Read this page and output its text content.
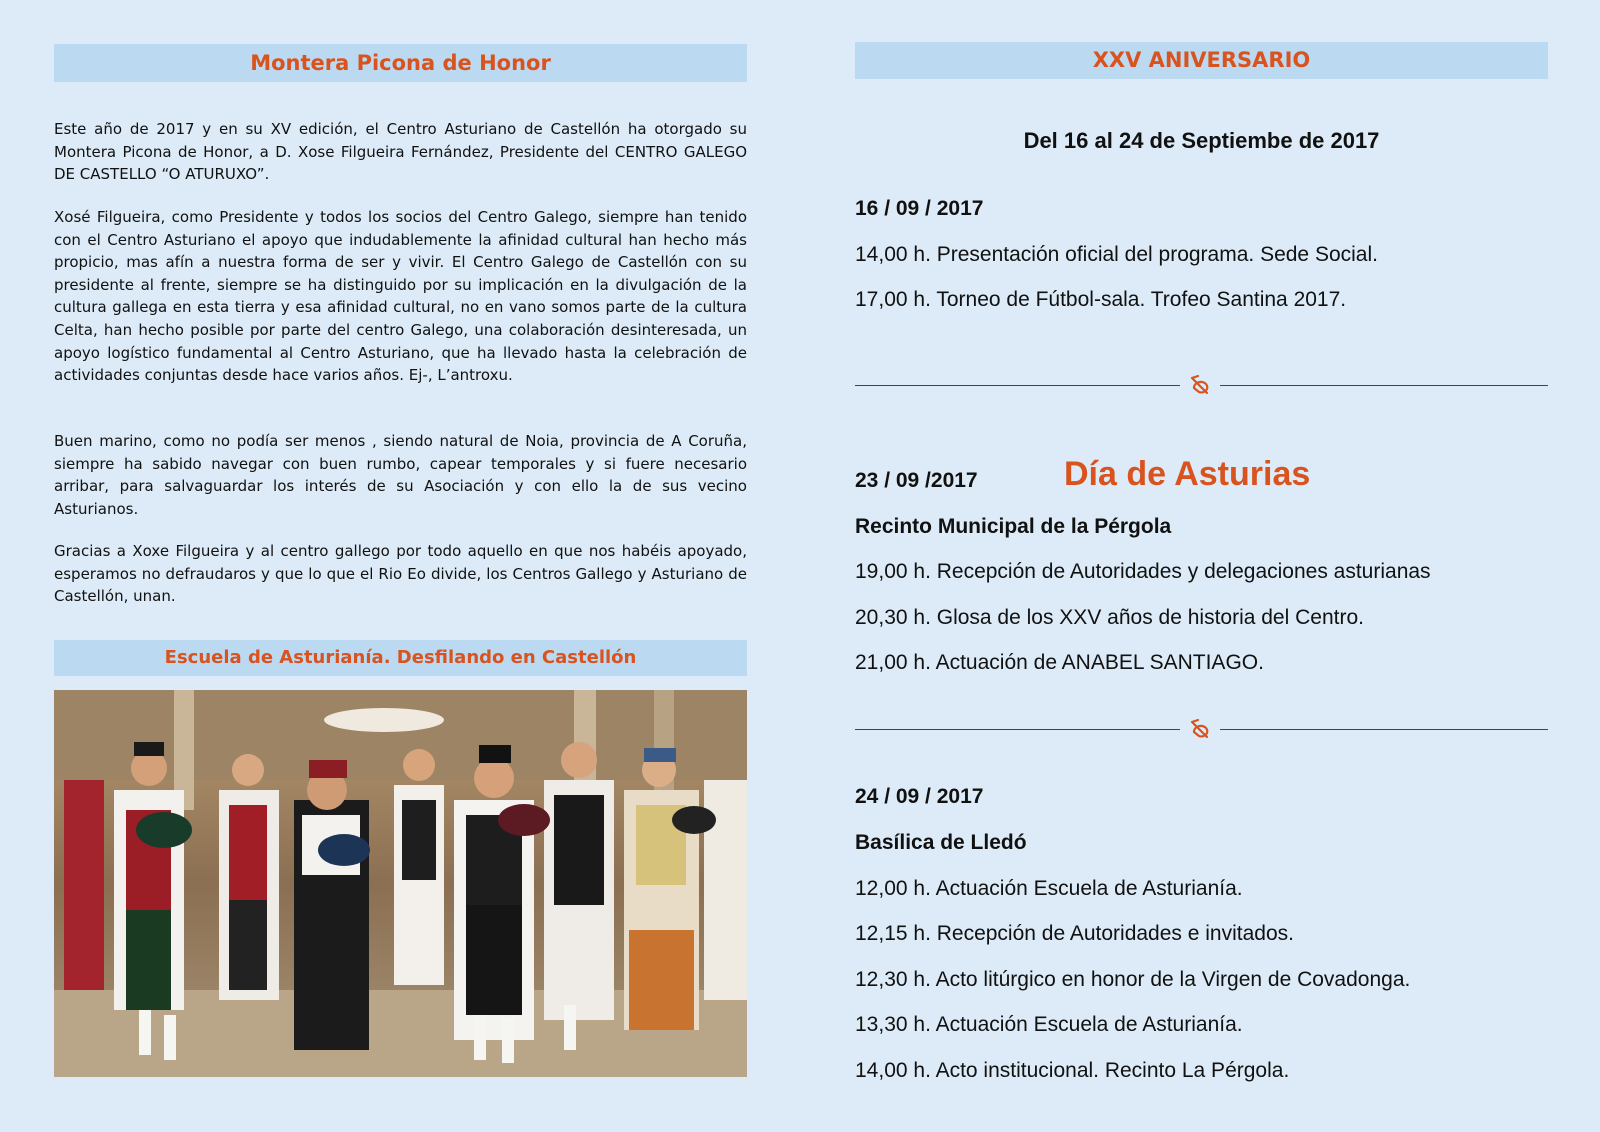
Montera Picona de Honor

Este año de 2017 y en su XV edición, el Centro Asturiano de Castellón ha otorgado su Montera Picona de Honor, a D. Xose Filgueira Fernández, Presidente del CENTRO GALEGO DE CASTELLO “O ATURUXO”.

Xosé Filgueira, como Presidente y todos los socios del Centro Galego, siempre han tenido con el Centro Asturiano el apoyo que indudablemente la afinidad cultural han hecho más propicio, mas afín a nuestra forma de ser y vivir. El Centro Galego de Castellón con su presidente al frente, siempre se ha distinguido por su implicación en la divulgación de la cultura gallega en esta tierra y esa afinidad cultural, no en vano somos parte de la cultura Celta, han hecho posible por parte del centro Galego, una colaboración desinteresada, un apoyo logístico fundamental al Centro Asturiano, que ha llevado hasta la celebración de actividades conjuntas desde hace varios años. Ej-, L’antroxu.

Buen marino, como no podía ser menos , siendo natural de Noia, provincia de A Coruña, siempre ha sabido navegar con buen rumbo, capear temporales y si fuere necesario arribar, para salvaguardar los interés de su Asociación y con ello la de sus vecino Asturianos.

Gracias a Xoxe Filgueira y al centro gallego por todo aquello en que nos habéis apoyado, esperamos no defraudaros y que lo que el Rio Eo divide, los Centros Gallego y Asturiano de Castellón, unan.

Escuela de Asturianía. Desfilando en Castellón
XXV ANIVERSARIO
Del 16 al 24 de Septiembe de 2017
16 / 09 / 2017
14,00 h. Presentación oficial del programa. Sede Social.
17,00 h. Torneo de Fútbol-sala. Trofeo Santina 2017.
23 / 09 /2017	Día de Asturias
Recinto Municipal de la Pérgola
19,00 h. Recepción de Autoridades y delegaciones asturianas
20,30 h. Glosa de los XXV años de historia del Centro.
21,00 h. Actuación de ANABEL SANTIAGO.
24 / 09 / 2017
Basílica de Lledó
12,00 h. Actuación Escuela de Asturianía.
12,15 h. Recepción de Autoridades e invitados.
12,30 h. Acto litúrgico en honor de la Virgen de Covadonga.
13,30 h. Actuación Escuela de Asturianía.
14,00 h. Acto institucional. Recinto La Pérgola.
